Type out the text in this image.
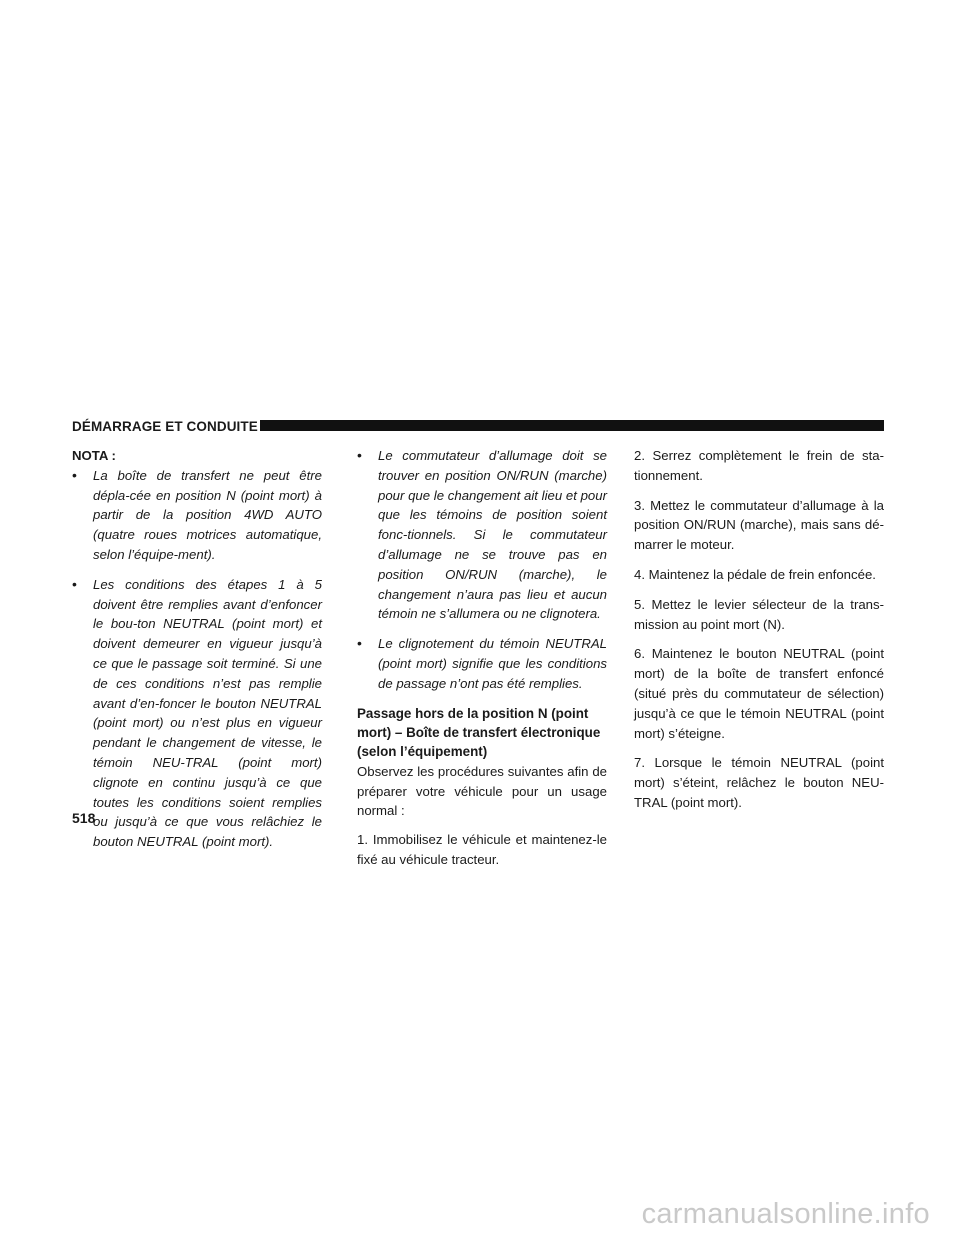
DÉMARRAGE ET CONDUITE

NOTA :

• La boîte de transfert ne peut être dépla-cée en position N (point mort) à partir de la position 4WD AUTO (quatre roues motrices automatique, selon l’équipe-ment).
• Les conditions des étapes 1 à 5 doivent être remplies avant d’enfoncer le bou-ton NEUTRAL (point mort) et doivent demeurer en vigueur jusqu’à ce que le passage soit terminé. Si une de ces conditions n’est pas remplie avant d’en-foncer le bouton NEUTRAL (point mort) ou n’est plus en vigueur pendant le changement de vitesse, le témoin NEU-TRAL (point mort) clignote en continu jusqu’à ce que toutes les conditions soient remplies ou jusqu’à ce que vous relâchiez le bouton NEUTRAL (point mort).
• Le commutateur d’allumage doit se trouver en position ON/RUN (marche) pour que le changement ait lieu et pour que les témoins de position soient fonc-tionnels. Si le commutateur d’allumage ne se trouve pas en position ON/RUN (marche), le changement n’aura pas lieu et aucun témoin ne s’allumera ou ne clignotera.
• Le clignotement du témoin NEUTRAL (point mort) signifie que les conditions de passage n’ont pas été remplies.
Passage hors de la position N (point mort) – Boîte de transfert électronique (selon l’équipement)

Observez les procédures suivantes afin de préparer votre véhicule pour un usage normal :

1. Immobilisez le véhicule et maintenez-le fixé au véhicule tracteur.

2. Serrez complètement le frein de sta-tionnement.

3. Mettez le commutateur d’allumage à la position ON/RUN (marche), mais sans dé-marrer le moteur.

4. Maintenez la pédale de frein enfoncée.

5. Mettez le levier sélecteur de la trans-mission au point mort (N).

6. Maintenez le bouton NEUTRAL (point mort) de la boîte de transfert enfoncé (situé près du commutateur de sélection) jusqu’à ce que le témoin NEUTRAL (point mort) s’éteigne.

7. Lorsque le témoin NEUTRAL (point mort) s’éteint, relâchez le bouton NEU-TRAL (point mort).

518
carmanualsonline.info
